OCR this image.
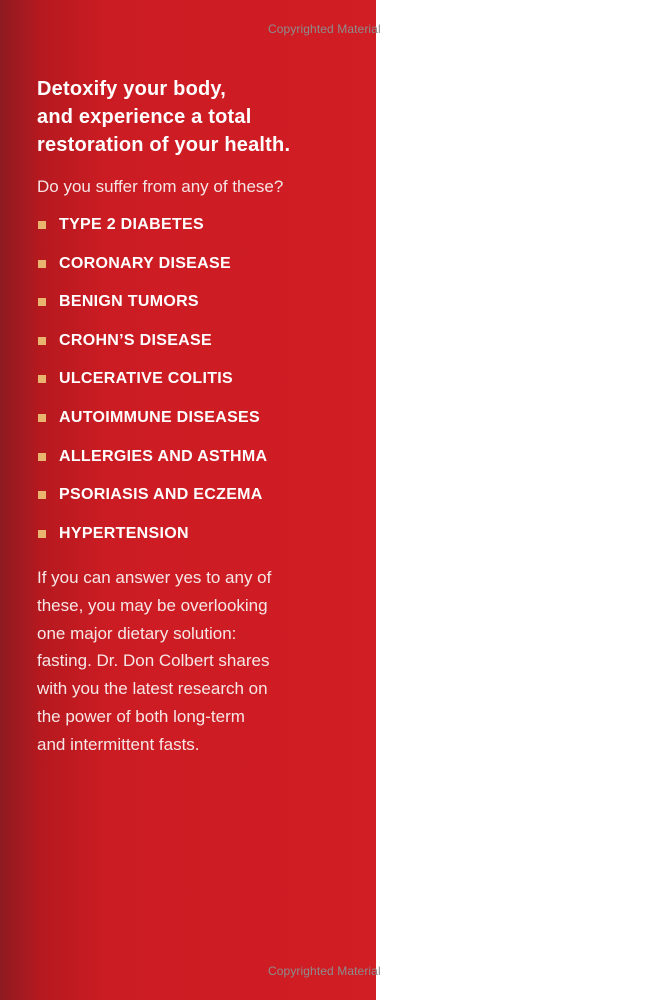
Copyrighted Material
Copyrighted Material
Detoxify your body,
and experience a total
restoration of your health.
Do you suffer from any of these?
TYPE 2 DIABETES
CORONARY DISEASE
BENIGN TUMORS
CROHN’S DISEASE
ULCERATIVE COLITIS
AUTOIMMUNE DISEASES
ALLERGIES AND ASTHMA
PSORIASIS AND ECZEMA
HYPERTENSION
If you can answer yes to any of
these, you may be overlooking
one major dietary solution:
fasting. Dr. Don Colbert shares
with you the latest research on
the power of both long-term
and intermittent fasts.
